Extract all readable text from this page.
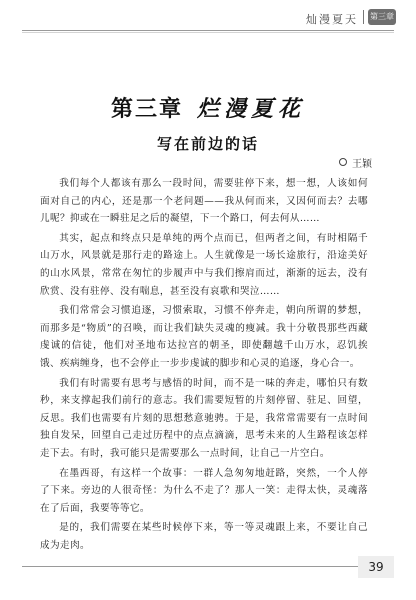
灿漫夏天 第三章
第三章 烂漫夏花
写在前边的话
王颖

我们每个人都该有那么一段时间，需要驻停下来，想一想，人该如何面对自己的内心，还是那一个老问题——我从何而来，又因何而去？去哪儿呢？抑或在一瞬驻足之后的凝望，下一个路口，何去何从……

其实，起点和终点只是单纯的两个点而已，但两者之间，有时相隔千山万水，风景就是那行走的路途上。人生就像是一场长途旅行，沿途美好的山水风景，常常在匆忙的步履声中与我们擦肩而过，渐渐的远去，没有欣赏、没有驻停、没有喘息，甚至没有哀歌和哭泣……

我们常常会习惯追逐，习惯索取，习惯不停奔走，朝向所谓的梦想，而那多是“物质”的召唤，而让我们缺失灵魂的瘦减。我十分敬畏那些西藏虔诚的信徒，他们对圣地布达拉宫的朝圣，即使翻越千山万水，忍饥挨饿、疾病缠身，也不会停止一步步虔诚的脚步和心灵的追逐，身心合一。

我们有时需要有思考与感悟的时间，而不是一味的奔走，哪怕只有数秒，来支撑起我们前行的意志。我们需要短暂的片刻停留、驻足、回望，反思。我们也需要有片刻的思想愁意驰骋。于是，我常常需要有一点时间独自发呆，回望自己走过历程中的点点滴滴，思考未来的人生路程该怎样走下去。有时，我可能只是需要那么一点时间，让自己一片空白。

在墨西哥，有这样一个故事：一群人急匆匆地赶路，突然，一个人停了下来。旁边的人很奇怪：为什么不走了？那人一笑：走得太快，灵魂落在了后面，我要等等它。

是的，我们需要在某些时候停下来，等一等灵魂跟上来，不要让自己成为走肉。

39
